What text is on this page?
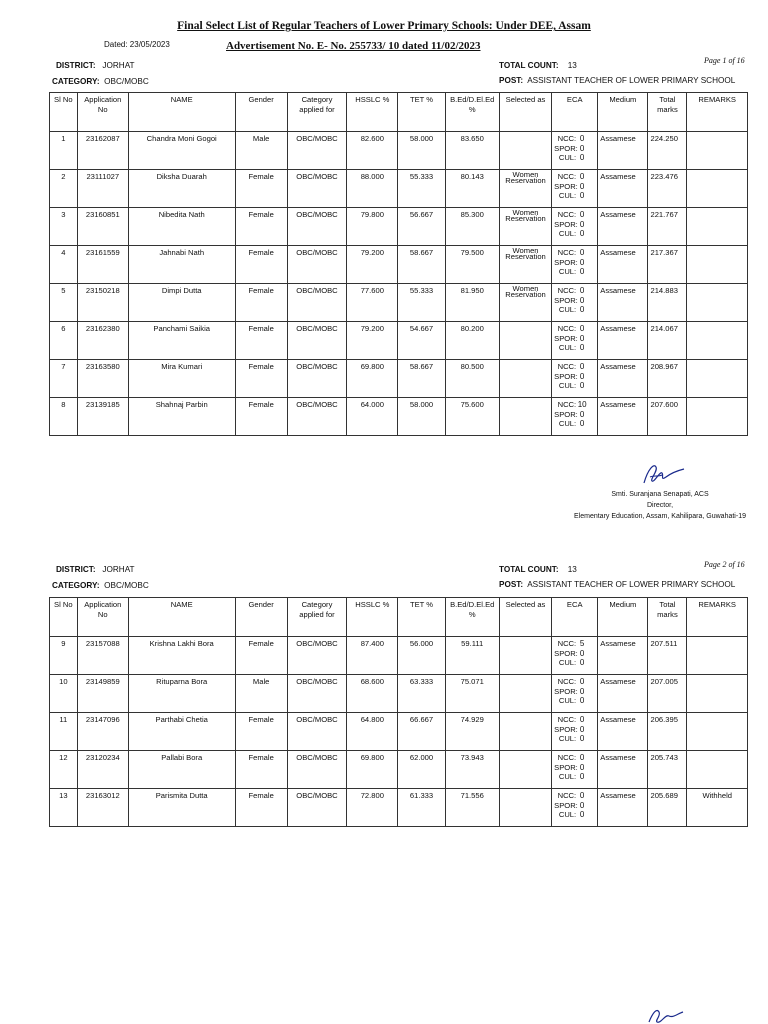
Final Select List of Regular Teachers of Lower Primary Schools: Under DEE, Assam
Dated: 23/05/2023	Advertisement No. E- No. 255733/ 10 dated 11/02/2023
DISTRICT: JORHAT
CATEGORY: OBC/MOBC
TOTAL COUNT: 13
POST: ASSISTANT TEACHER OF LOWER PRIMARY SCHOOL
Page 1 of 16
Sl No	Application No	NAME	Gender	Category applied for	HSSLC %	TET %	B.Ed/D.El.Ed %	Selected as	ECA	Medium	Total marks	REMARKS
1	23162087	Chandra Moni Gogoi	Male	OBC/MOBC	82.600	58.000	83.650		NCC: 0
SPOR: 0
CUL: 0	Assamese	224.250	
2	23111027	Diksha Duarah	Female	OBC/MOBC	88.000	55.333	80.143	Women Reservation	NCC: 0
SPOR: 0
CUL: 0	Assamese	223.476	
3	23160851	Nibedita Nath	Female	OBC/MOBC	79.800	56.667	85.300	Women Reservation	NCC: 0
SPOR: 0
CUL: 0	Assamese	221.767	
4	23161559	Jahnabi Nath	Female	OBC/MOBC	79.200	58.667	79.500	Women Reservation	NCC: 0
SPOR: 0
CUL: 0	Assamese	217.367	
5	23150218	Dimpi Dutta	Female	OBC/MOBC	77.600	55.333	81.950	Women Reservation	NCC: 0
SPOR: 0
CUL: 0	Assamese	214.883	
6	23162380	Panchami Saikia	Female	OBC/MOBC	79.200	54.667	80.200		NCC: 0
SPOR: 0
CUL: 0	Assamese	214.067	
7	23163580	Mira Kumari	Female	OBC/MOBC	69.800	58.667	80.500		NCC: 0
SPOR: 0
CUL: 0	Assamese	208.967	
8	23139185	Shahnaj Parbin	Female	OBC/MOBC	64.000	58.000	75.600		NCC: 10
SPOR: 0
CUL: 0	Assamese	207.600	
Smti. Suranjana Senapati, ACS
Director,
Elementary Education, Assam, Kahilipara, Guwahati-19
DISTRICT: JORHAT
CATEGORY: OBC/MOBC
TOTAL COUNT: 13
POST: ASSISTANT TEACHER OF LOWER PRIMARY SCHOOL
Page 2 of 16
Sl No	Application No	NAME	Gender	Category applied for	HSSLC %	TET %	B.Ed/D.El.Ed %	Selected as	ECA	Medium	Total marks	REMARKS
9	23157088	Krishna Lakhi Bora	Female	OBC/MOBC	87.400	56.000	59.111		NCC: 5
SPOR: 0
CUL: 0	Assamese	207.511	
10	23149859	Rituparna Bora	Male	OBC/MOBC	68.600	63.333	75.071		NCC: 0
SPOR: 0
CUL: 0	Assamese	207.005	
11	23147096	Parthabi Chetia	Female	OBC/MOBC	64.800	66.667	74.929		NCC: 0
SPOR: 0
CUL: 0	Assamese	206.395	
12	23120234	Pallabi Bora	Female	OBC/MOBC	69.800	62.000	73.943		NCC: 0
SPOR: 0
CUL: 0	Assamese	205.743	
13	23163012	Parismita Dutta	Female	OBC/MOBC	72.800	61.333	71.556		NCC: 0
SPOR: 0
CUL: 0	Assamese	205.689	Withheld
